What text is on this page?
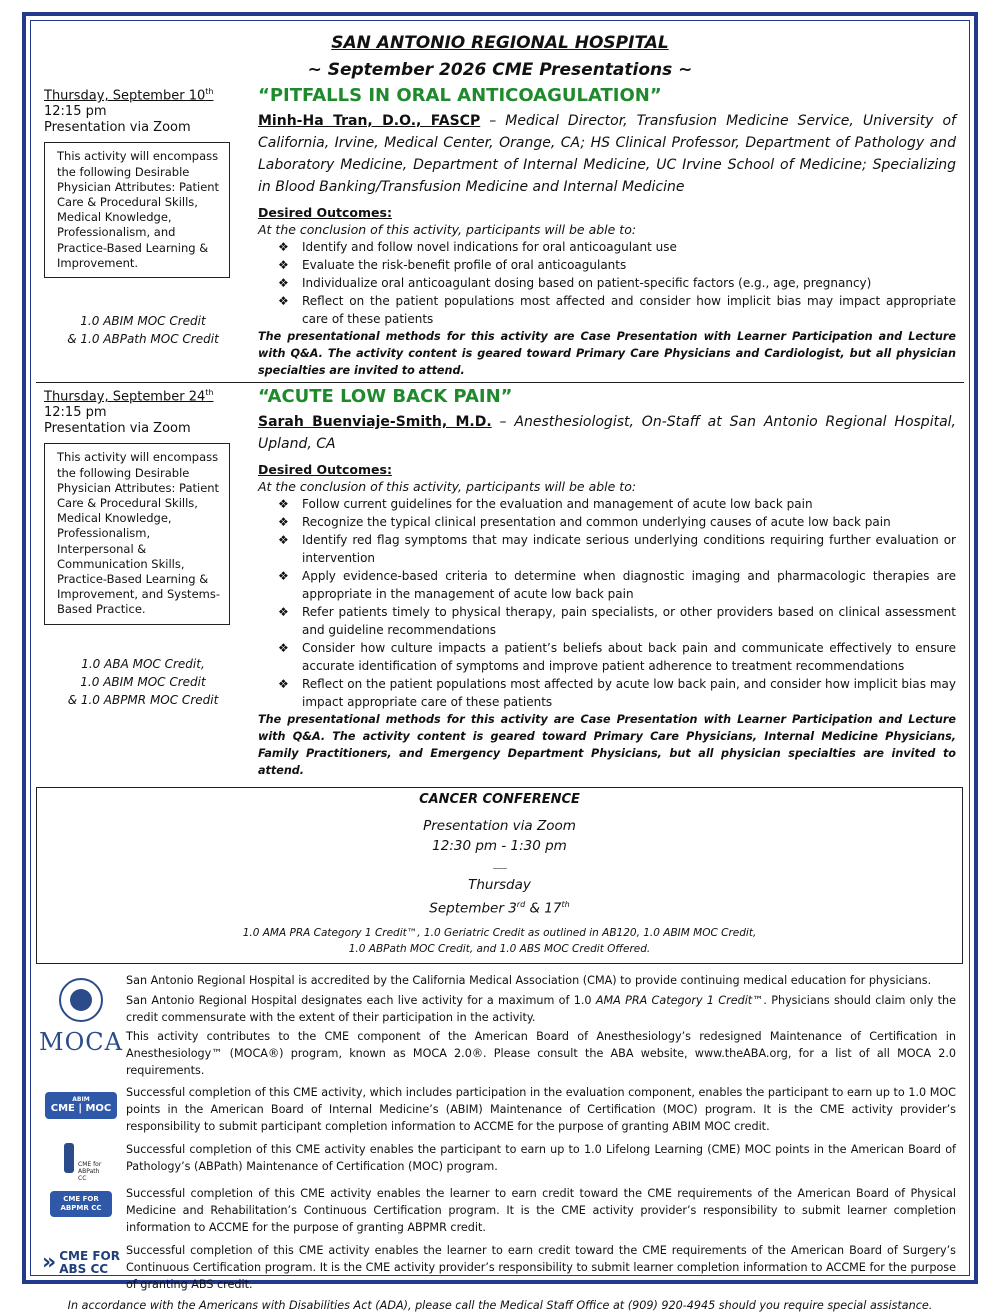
SAN ANTONIO REGIONAL HOSPITAL
~ September 2026 CME Presentations ~
Thursday, September 10th
12:15 pm
Presentation via Zoom
This activity will encompass the following Desirable Physician Attributes: Patient Care & Procedural Skills, Medical Knowledge, Professionalism, and Practice-Based Learning & Improvement.
1.0 ABIM MOC Credit
& 1.0 ABPath MOC Credit
“PITFALLS IN ORAL ANTICOAGULATION”
Minh-Ha Tran, D.O., FASCP – Medical Director, Transfusion Medicine Service, University of California, Irvine, Medical Center, Orange, CA; HS Clinical Professor, Department of Pathology and Laboratory Medicine, Department of Internal Medicine, UC Irvine School of Medicine; Specializing in Blood Banking/Transfusion Medicine and Internal Medicine
Desired Outcomes:
At the conclusion of this activity, participants will be able to:
❖ Identify and follow novel indications for oral anticoagulant use
❖ Evaluate the risk-benefit profile of oral anticoagulants
❖ Individualize oral anticoagulant dosing based on patient-specific factors (e.g., age, pregnancy)
❖ Reflect on the patient populations most affected and consider how implicit bias may impact appropriate care of these patients
The presentational methods for this activity are Case Presentation with Learner Participation and Lecture with Q&A. The activity content is geared toward Primary Care Physicians and Cardiologist, but all physician specialties are invited to attend.
Thursday, September 24th
12:15 pm
Presentation via Zoom
This activity will encompass the following Desirable Physician Attributes: Patient Care & Procedural Skills, Medical Knowledge, Professionalism, Interpersonal & Communication Skills, Practice-Based Learning & Improvement, and Systems-Based Practice.
1.0 ABA MOC Credit,
1.0 ABIM MOC Credit
& 1.0 ABPMR MOC Credit
“ACUTE LOW BACK PAIN”
Sarah Buenviaje-Smith, M.D. – Anesthesiologist, On-Staff at San Antonio Regional Hospital, Upland, CA
Desired Outcomes:
At the conclusion of this activity, participants will be able to:
❖ Follow current guidelines for the evaluation and management of acute low back pain
❖ Recognize the typical clinical presentation and common underlying causes of acute low back pain
❖ Identify red flag symptoms that may indicate serious underlying conditions requiring further evaluation or intervention
❖ Apply evidence-based criteria to determine when diagnostic imaging and pharmacologic therapies are appropriate in the management of acute low back pain
❖ Refer patients timely to physical therapy, pain specialists, or other providers based on clinical assessment and guideline recommendations
❖ Consider how culture impacts a patient’s beliefs about back pain and communicate effectively to ensure accurate identification of symptoms and improve patient adherence to treatment recommendations
❖ Reflect on the patient populations most affected by acute low back pain, and consider how implicit bias may impact appropriate care of these patients
The presentational methods for this activity are Case Presentation with Learner Participation and Lecture with Q&A. The activity content is geared toward Primary Care Physicians, Internal Medicine Physicians, Family Practitioners, and Emergency Department Physicians, but all physician specialties are invited to attend.
CANCER CONFERENCE
Presentation via Zoom
12:30 pm - 1:30 pm
Thursday
September 3rd & 17th
1.0 AMA PRA Category 1 Credit™, 1.0 Geriatric Credit as outlined in AB120, 1.0 ABIM MOC Credit,
1.0 ABPath MOC Credit, and 1.0 ABS MOC Credit Offered.
San Antonio Regional Hospital is accredited by the California Medical Association (CMA) to provide continuing medical education for physicians.
San Antonio Regional Hospital designates each live activity for a maximum of 1.0 AMA PRA Category 1 Credit™. Physicians should claim only the credit commensurate with the extent of their participation in the activity.
MOCA This activity contributes to the CME component of the American Board of Anesthesiology’s redesigned Maintenance of Certification in Anesthesiology™ (MOCA®) program, known as MOCA 2.0®. Please consult the ABA website, www.theABA.org, for a list of all MOCA 2.0 requirements.
ABIM
CME | MOC
Successful completion of this CME activity, which includes participation in the evaluation component, enables the participant to earn up to 1.0 MOC points in the American Board of Internal Medicine’s (ABIM) Maintenance of Certification (MOC) program. It is the CME activity provider’s responsibility to submit participant completion information to ACCME for the purpose of granting ABIM MOC credit.
CME for ABPath CC
Successful completion of this CME activity enables the participant to earn up to 1.0 Lifelong Learning (CME) MOC points in the American Board of Pathology’s (ABPath) Maintenance of Certification (MOC) program.
CME FOR ABPMR CC
Successful completion of this CME activity enables the learner to earn credit toward the CME requirements of the American Board of Physical Medicine and Rehabilitation’s Continuous Certification program. It is the CME activity provider’s responsibility to submit learner completion information to ACCME for the purpose of granting ABPMR credit.
» CME FOR
ABS CC
Successful completion of this CME activity enables the learner to earn credit toward the CME requirements of the American Board of Surgery’s Continuous Certification program. It is the CME activity provider’s responsibility to submit learner completion information to ACCME for the purpose of granting ABS credit.
In accordance with the Americans with Disabilities Act (ADA), please call the Medical Staff Office at (909) 920-4945 should you require special assistance.
